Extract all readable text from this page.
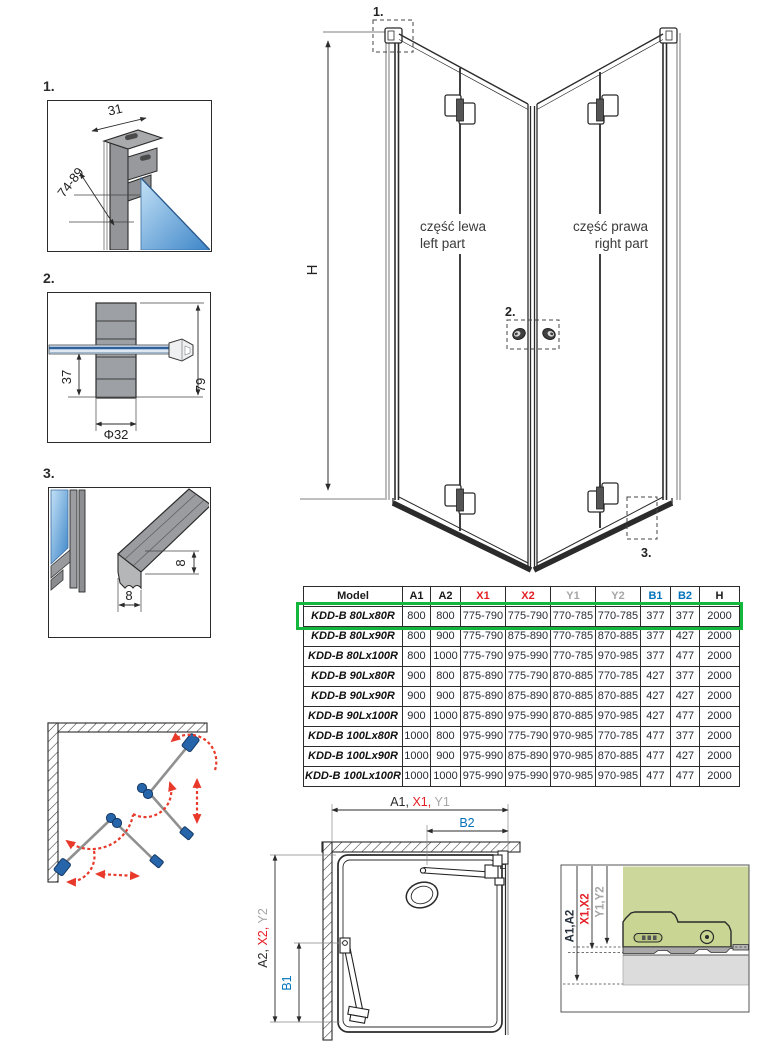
1.
31
74-89
2.
37
79
Φ32
3.
8
8
H
1.
2.
3.
część lewa
left part
część prawa
right part
Model	A1	A2	X1	X2	Y1	Y2	B1	B2	H
KDD-B 80Lx80R	800	800	775-790	775-790	770-785	770-785	377	377	2000
KDD-B 80Lx90R	800	900	775-790	875-890	770-785	870-885	377	427	2000
KDD-B 80Lx100R	800	1000	775-790	975-990	770-785	970-985	377	477	2000
KDD-B 90Lx80R	900	800	875-890	775-790	870-885	770-785	427	377	2000
KDD-B 90Lx90R	900	900	875-890	875-890	870-885	870-885	427	427	2000
KDD-B 90Lx100R	900	1000	875-890	975-990	870-885	970-985	427	477	2000
KDD-B 100Lx80R	1000	800	975-990	775-790	970-985	770-785	477	377	2000
KDD-B 100Lx90R	1000	900	975-990	875-890	970-985	870-885	477	427	2000
KDD-B 100Lx100R	1000	1000	975-990	975-990	970-985	970-985	477	477	2000
A1, X1, Y1
B2
A2, X2, Y2
B1
A1,A2
X1,X2 Y1,Y2
